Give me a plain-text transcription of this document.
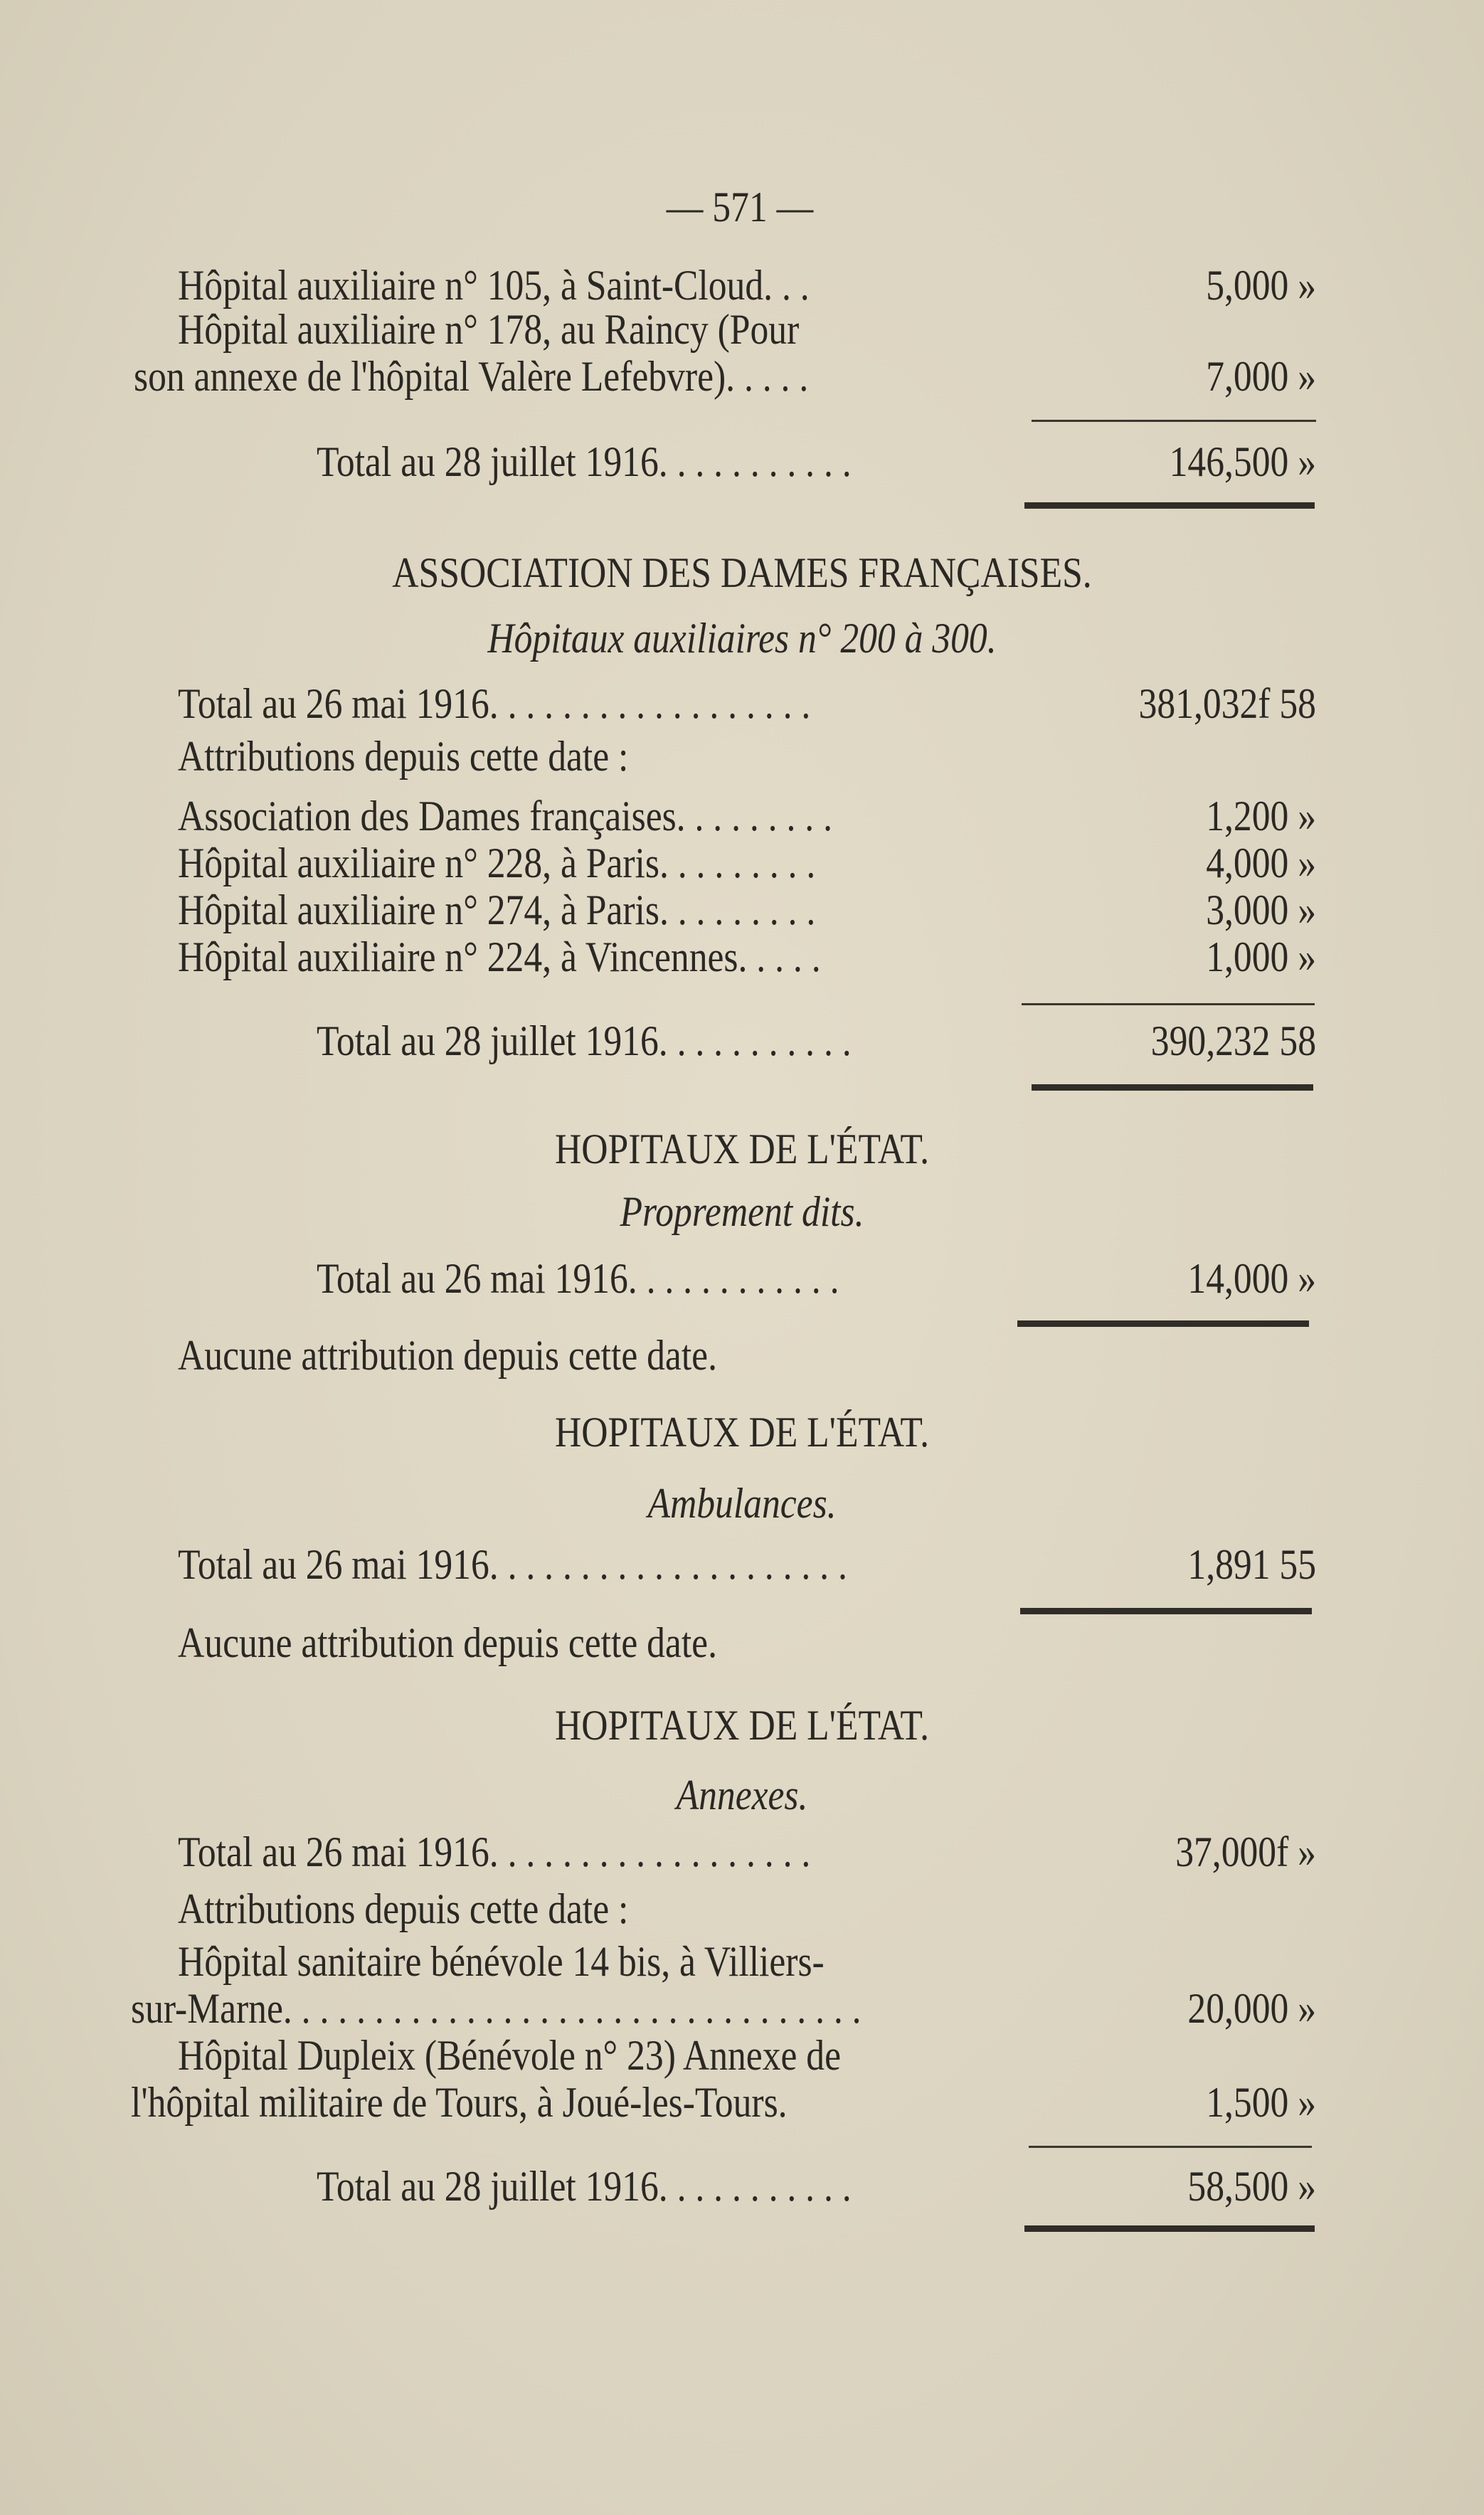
— 571 —
Hôpital auxiliaire n° 105, à Saint-Cloud. . .	5,000 »
Hôpital auxiliaire n° 178, au Raincy (Pour
son annexe de l'hôpital Valère Lefebvre). . . . .	7,000 »
Total au 28 juillet 1916. . . . . . . . . . .	146,500 »
ASSOCIATION DES DAMES FRANÇAISES.
Hôpitaux auxiliaires n° 200 à 300.
Total au 26 mai 1916. . . . . . . . . . . . . . . . . .	381,032f 58
Attributions depuis cette date :
Association des Dames françaises. . . . . . . . .	1,200 »
Hôpital auxiliaire n° 228, à Paris. . . . . . . . .	4,000 »
Hôpital auxiliaire n° 274, à Paris. . . . . . . . .	3,000 »
Hôpital auxiliaire n° 224, à Vincennes. . . . .	1,000 »
Total au 28 juillet 1916. . . . . . . . . . .	390,232 58
HOPITAUX DE L'ÉTAT.
Proprement dits.
Total au 26 mai 1916. . . . . . . . . . . .	14,000 »
Aucune attribution depuis cette date.
HOPITAUX DE L'ÉTAT.
Ambulances.
Total au 26 mai 1916. . . . . . . . . . . . . . . . . . . .	1,891 55
Aucune attribution depuis cette date.
HOPITAUX DE L'ÉTAT.
Annexes.
Total au 26 mai 1916. . . . . . . . . . . . . . . . . .	37,000f »
Attributions depuis cette date :
Hôpital sanitaire bénévole 14 bis, à Villiers-
sur-Marne. . . . . . . . . . . . . . . . . . . . . . . . . . . . . . . .	20,000 »
Hôpital Dupleix (Bénévole n° 23) Annexe de
l'hôpital militaire de Tours, à Joué-les-Tours.	1,500 »
Total au 28 juillet 1916. . . . . . . . . . .	58,500 »
